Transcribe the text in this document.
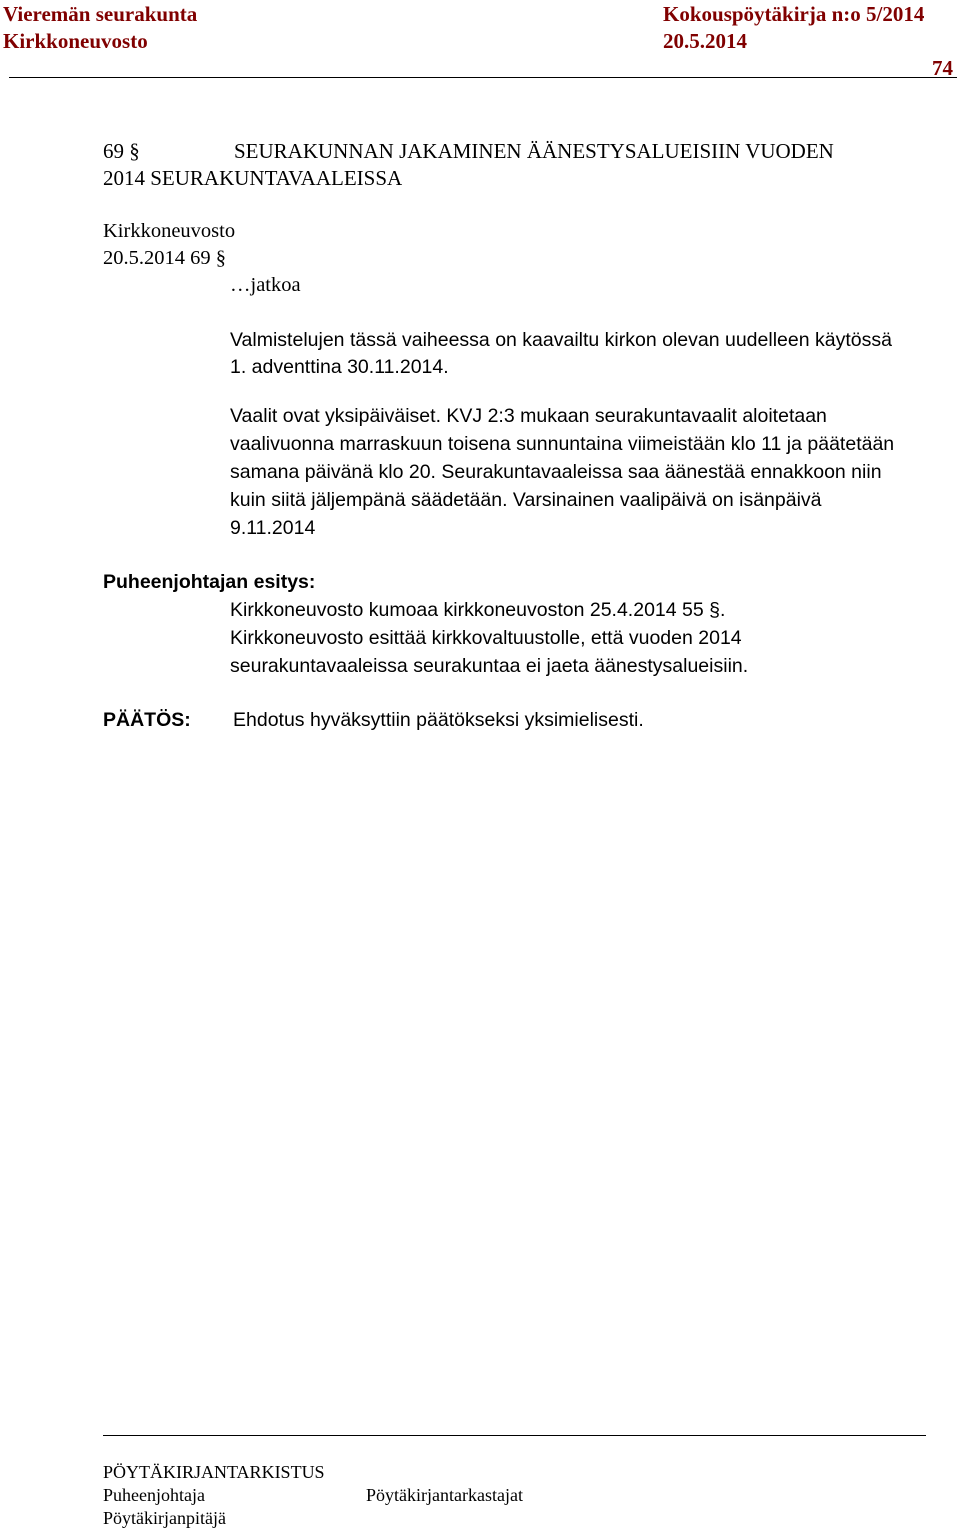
Vieremän seurakunta	Kokouspöytäkirja n:o 5/2014
Kirkkoneuvosto	20.5.2014
74
69 §	SEURAKUNNAN JAKAMINEN ÄÄNESTYSALUEISIIN VUODEN
2014 SEURAKUNTAVAALEISSA
Kirkkoneuvosto
20.5.2014 69 §
…jatkoa
Valmistelujen tässä vaiheessa on kaavailtu kirkon olevan uudelleen käytössä
1. adventtina 30.11.2014.
Vaalit ovat yksipäiväiset. KVJ 2:3 mukaan seurakuntavaalit aloitetaan
vaalivuonna marraskuun toisena sunnuntaina viimeistään klo 11 ja päätetään
samana päivänä klo 20. Seurakuntavaaleissa saa äänestää ennakkoon niin
kuin siitä jäljempänä säädetään. Varsinainen vaalipäivä on isänpäivä
9.11.2014
Puheenjohtajan esitys:
Kirkkoneuvosto kumoaa kirkkoneuvoston 25.4.2014 55 §.
Kirkkoneuvosto esittää kirkkovaltuustolle, että vuoden 2014
seurakuntavaaleissa seurakuntaa ei jaeta äänestysalueisiin.
PÄÄTÖS: Ehdotus hyväksyttiin päätökseksi yksimielisesti.
PÖYTÄKIRJANTARKISTUS
Puheenjohtaja	Pöytäkirjantarkastajat
Pöytäkirjanpitäjä
